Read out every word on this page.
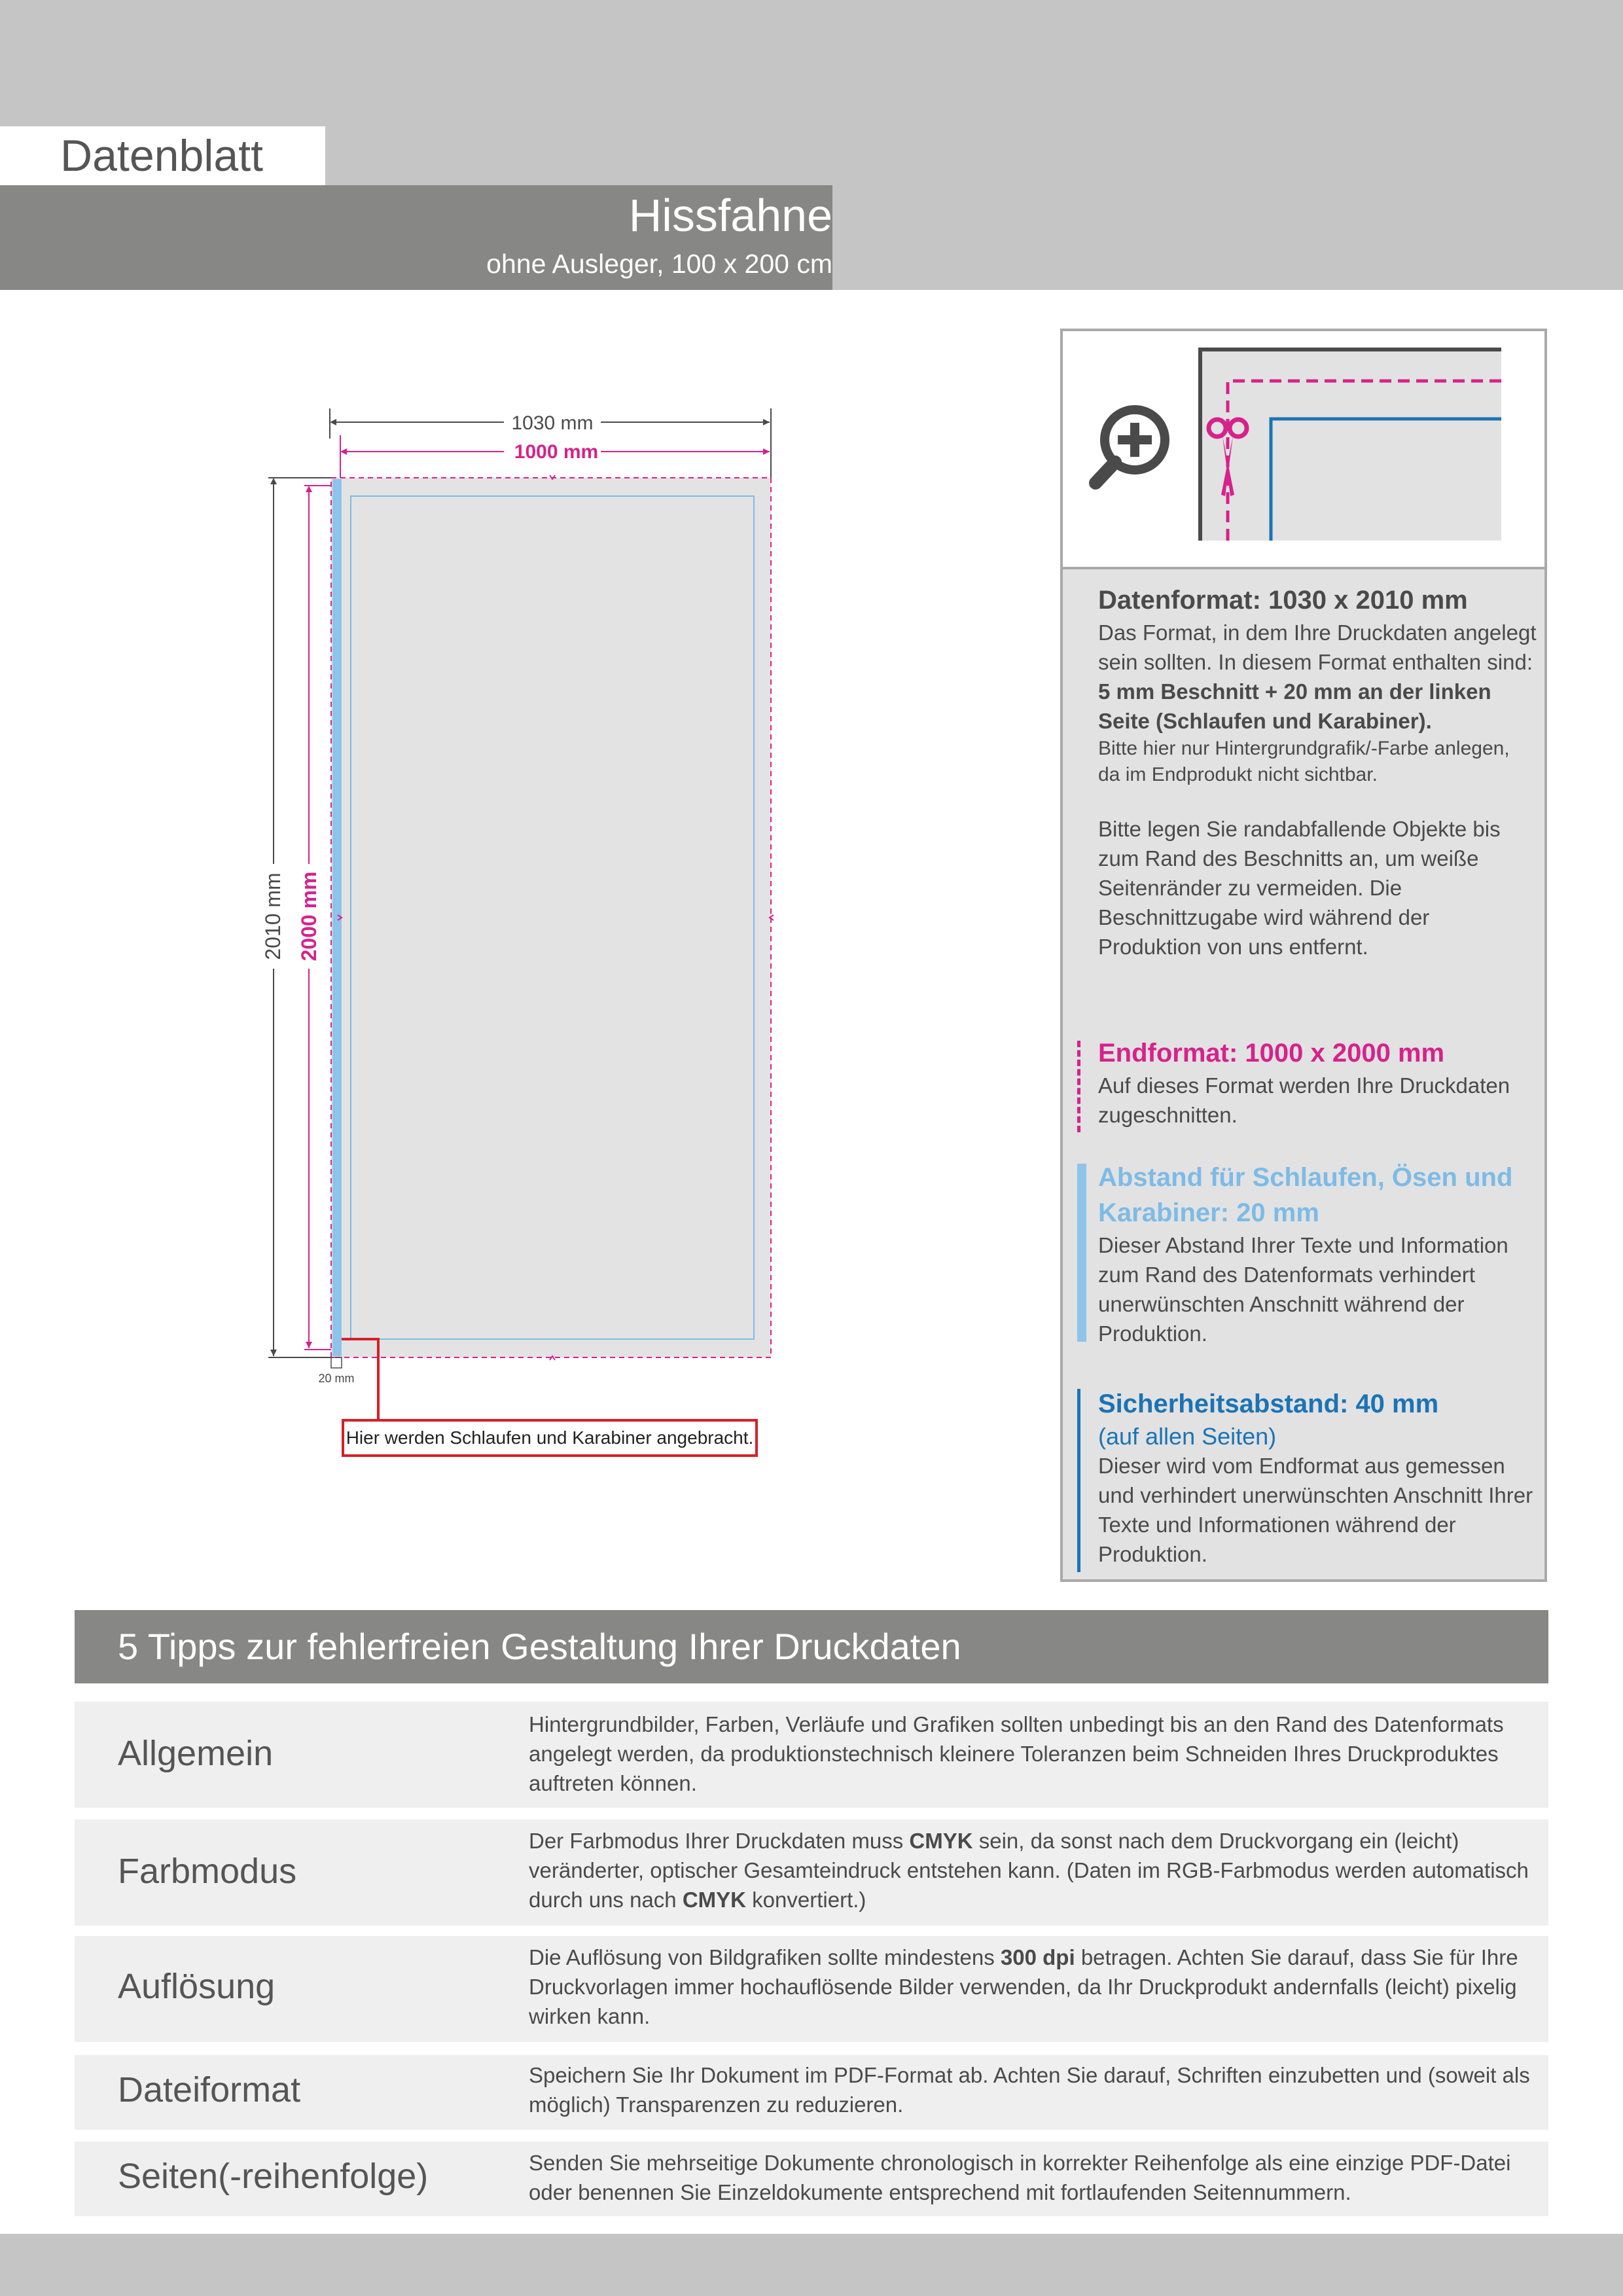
Datenblatt
Hissfahne
ohne Ausleger, 100 x 200 cm
1030 mm
1000 mm
2010 mm 2000 mm
20 mm
Hier werden Schlaufen und Karabiner angebracht.

Datenformat: 1030 x 2010 mm

Das Format, in dem Ihre Druckdaten angelegt sein sollten. In diesem Format enthalten sind: 5 mm Beschnitt + 20 mm an der linken Seite (Schlaufen und Karabiner).

Bitte hier nur Hintergrundgrafik/-Farbe anlegen, da im Endprodukt nicht sichtbar.

Bitte legen Sie randabfallende Objekte bis zum Rand des Beschnitts an, um weiße Seitenränder zu vermeiden. Die Beschnittzugabe wird während der Produktion von uns entfernt.

Endformat: 1000 x 2000 mm

Auf dieses Format werden Ihre Druckdaten zugeschnitten.

Abstand für Schlaufen, Ösen und Karabiner: 20 mm

Dieser Abstand Ihrer Texte und Information zum Rand des Datenformats verhindert unerwünschten Anschnitt während der Produktion.

Sicherheitsabstand: 40 mm

(auf allen Seiten)

Dieser wird vom Endformat aus gemessen und verhindert unerwünschten Anschnitt Ihrer Texte und Informationen während der Produktion.

5 Tipps zur fehlerfreien Gestaltung Ihrer Druckdaten
Allgemein
Hintergrundbilder, Farben, Verläufe und Grafiken sollten unbedingt bis an den Rand des Datenformats angelegt werden, da produktionstechnisch kleinere Toleranzen beim Schneiden Ihres Druckproduktes auftreten können.
Farbmodus
Der Farbmodus Ihrer Druckdaten muss CMYK sein, da sonst nach dem Druckvorgang ein (leicht) veränderter, optischer Gesamteindruck entstehen kann. (Daten im RGB-Farbmodus werden automatisch durch uns nach CMYK konvertiert.)
Auflösung
Die Auflösung von Bildgrafiken sollte mindestens 300 dpi betragen. Achten Sie darauf, dass Sie für Ihre Druckvorlagen immer hochauflösende Bilder verwenden, da Ihr Druckprodukt andernfalls (leicht) pixelig wirken kann.
Dateiformat	Speichern Sie Ihr Dokument im PDF-Format ab. Achten Sie darauf, Schriften einzubetten und (soweit als möglich) Transparenzen zu reduzieren.
Seiten(-reihenfolge)	Senden Sie mehrseitige Dokumente chronologisch in korrekter Reihenfolge als eine einzige PDF-Datei oder benennen Sie Einzeldokumente entsprechend mit fortlaufenden Seitennummern.
